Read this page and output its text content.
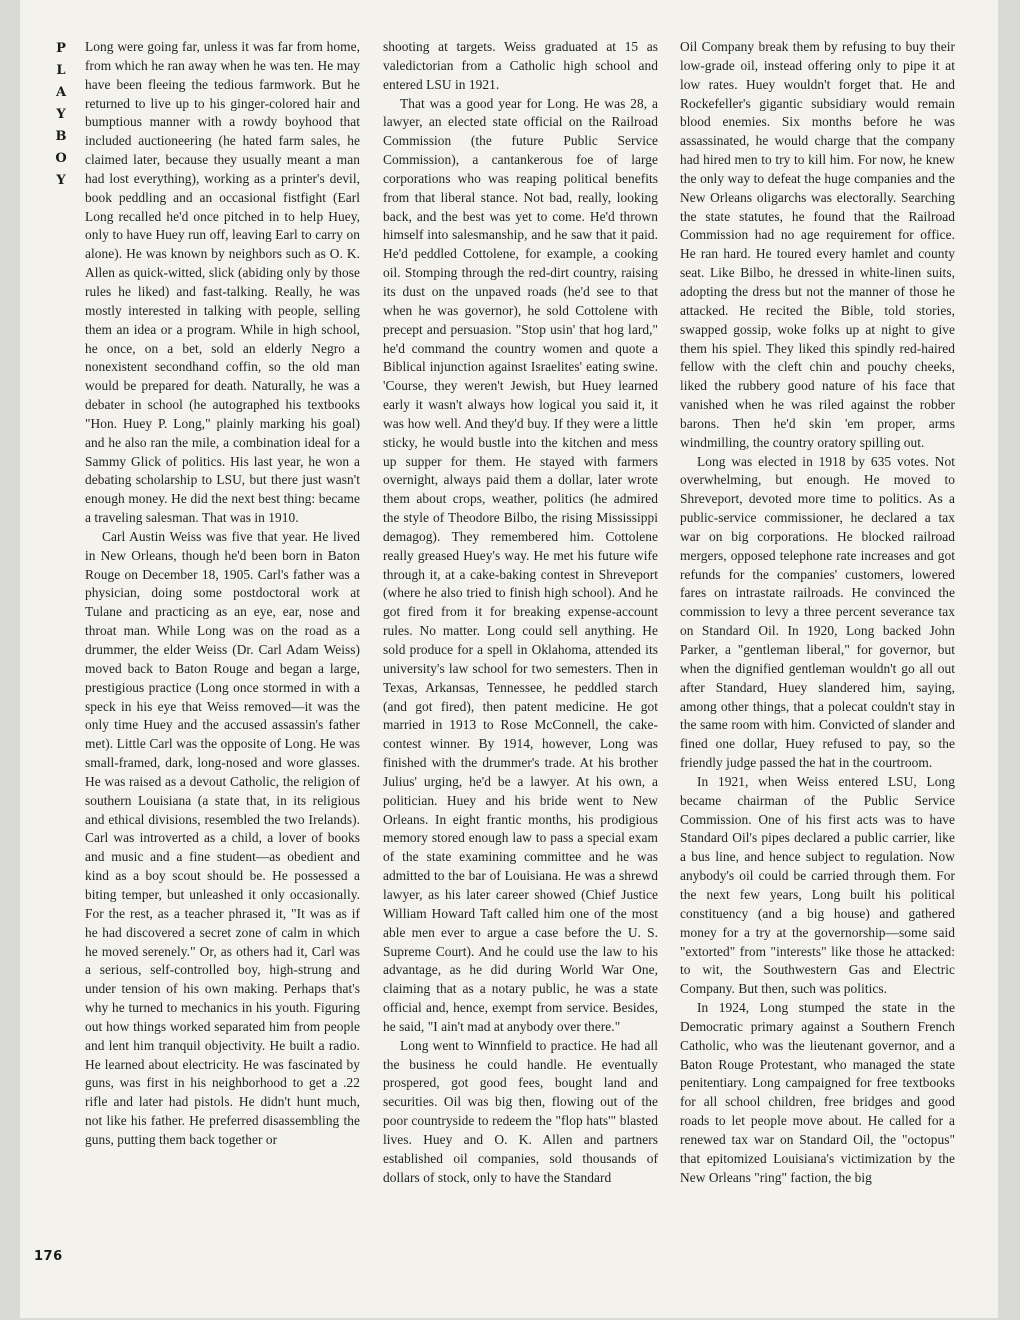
P
L
A
Y
B
O
Y
176

Long were going far, unless it was far from home, from which he ran away when he was ten. He may have been fleeing the tedious farmwork. But he returned to live up to his ginger-colored hair and bumptious manner with a rowdy boyhood that included auctioneering (he hated farm sales, he claimed later, because they usually meant a man had lost everything), working as a printer's devil, book peddling and an occasional fistfight (Earl Long recalled he'd once pitched in to help Huey, only to have Huey run off, leaving Earl to carry on alone). He was known by neighbors such as O. K. Allen as quick-witted, slick (abiding only by those rules he liked) and fast-talking. Really, he was mostly interested in talking with people, selling them an idea or a program. While in high school, he once, on a bet, sold an elderly Negro a nonexistent secondhand coffin, so the old man would be prepared for death. Naturally, he was a debater in school (he autographed his textbooks "Hon. Huey P. Long," plainly marking his goal) and he also ran the mile, a combination ideal for a Sammy Glick of politics. His last year, he won a debating scholarship to LSU, but there just wasn't enough money. He did the next best thing: became a traveling salesman. That was in 1910.

Carl Austin Weiss was five that year. He lived in New Orleans, though he'd been born in Baton Rouge on December 18, 1905. Carl's father was a physician, doing some postdoctoral work at Tulane and practicing as an eye, ear, nose and throat man. While Long was on the road as a drummer, the elder Weiss (Dr. Carl Adam Weiss) moved back to Baton Rouge and began a large, prestigious practice (Long once stormed in with a speck in his eye that Weiss removed—it was the only time Huey and the accused assassin's father met). Little Carl was the opposite of Long. He was small-framed, dark, long-nosed and wore glasses. He was raised as a devout Catholic, the religion of southern Louisiana (a state that, in its religious and ethical divisions, resembled the two Irelands). Carl was introverted as a child, a lover of books and music and a fine student—as obedient and kind as a boy scout should be. He possessed a biting temper, but unleashed it only occasionally. For the rest, as a teacher phrased it, "It was as if he had discovered a secret zone of calm in which he moved serenely." Or, as others had it, Carl was a serious, self-controlled boy, high-strung and under tension of his own making. Perhaps that's why he turned to mechanics in his youth. Figuring out how things worked separated him from people and lent him tranquil objectivity. He built a radio. He learned about electricity. He was fascinated by guns, was first in his neighborhood to get a .22 rifle and later had pistols. He didn't hunt much, not like his father. He preferred disassembling the guns, putting them back together or

shooting at targets. Weiss graduated at 15 as valedictorian from a Catholic high school and entered LSU in 1921.

That was a good year for Long. He was 28, a lawyer, an elected state official on the Railroad Commission (the future Public Service Commission), a cantankerous foe of large corporations who was reaping political benefits from that liberal stance. Not bad, really, looking back, and the best was yet to come. He'd thrown himself into salesmanship, and he saw that it paid. He'd peddled Cottolene, for example, a cooking oil. Stomping through the red-dirt country, raising its dust on the unpaved roads (he'd see to that when he was governor), he sold Cottolene with precept and persuasion. "Stop usin' that hog lard," he'd command the country women and quote a Biblical injunction against Israelites' eating swine. 'Course, they weren't Jewish, but Huey learned early it wasn't always how logical you said it, it was how well. And they'd buy. If they were a little sticky, he would bustle into the kitchen and mess up supper for them. He stayed with farmers overnight, always paid them a dollar, later wrote them about crops, weather, politics (he admired the style of Theodore Bilbo, the rising Mississippi demagog). They remembered him. Cottolene really greased Huey's way. He met his future wife through it, at a cake-baking contest in Shreveport (where he also tried to finish high school). And he got fired from it for breaking expense-account rules. No matter. Long could sell anything. He sold produce for a spell in Oklahoma, attended its university's law school for two semesters. Then in Texas, Arkansas, Tennessee, he peddled starch (and got fired), then patent medicine. He got married in 1913 to Rose McConnell, the cake-contest winner. By 1914, however, Long was finished with the drummer's trade. At his brother Julius' urging, he'd be a lawyer. At his own, a politician. Huey and his bride went to New Orleans. In eight frantic months, his prodigious memory stored enough law to pass a special exam of the state examining committee and he was admitted to the bar of Louisiana. He was a shrewd lawyer, as his later career showed (Chief Justice William Howard Taft called him one of the most able men ever to argue a case before the U. S. Supreme Court). And he could use the law to his advantage, as he did during World War One, claiming that as a notary public, he was a state official and, hence, exempt from service. Besides, he said, "I ain't mad at anybody over there."

Long went to Winnfield to practice. He had all the business he could handle. He eventually prospered, got good fees, bought land and securities. Oil was big then, flowing out of the poor countryside to redeem the "flop hats'" blasted lives. Huey and O. K. Allen and partners established oil companies, sold thousands of dollars of stock, only to have the Standard

Oil Company break them by refusing to buy their low-grade oil, instead offering only to pipe it at low rates. Huey wouldn't forget that. He and Rockefeller's gigantic subsidiary would remain blood enemies. Six months before he was assassinated, he would charge that the company had hired men to try to kill him. For now, he knew the only way to defeat the huge companies and the New Orleans oligarchs was electorally. Searching the state statutes, he found that the Railroad Commission had no age requirement for office. He ran hard. He toured every hamlet and county seat. Like Bilbo, he dressed in white-linen suits, adopting the dress but not the manner of those he attacked. He recited the Bible, told stories, swapped gossip, woke folks up at night to give them his spiel. They liked this spindly red-haired fellow with the cleft chin and pouchy cheeks, liked the rubbery good nature of his face that vanished when he was riled against the robber barons. Then he'd skin 'em proper, arms windmilling, the country oratory spilling out.

Long was elected in 1918 by 635 votes. Not overwhelming, but enough. He moved to Shreveport, devoted more time to politics. As a public-service commissioner, he declared a tax war on big corporations. He blocked railroad mergers, opposed telephone rate increases and got refunds for the companies' customers, lowered fares on intrastate railroads. He convinced the commission to levy a three percent severance tax on Standard Oil. In 1920, Long backed John Parker, a "gentleman liberal," for governor, but when the dignified gentleman wouldn't go all out after Standard, Huey slandered him, saying, among other things, that a polecat couldn't stay in the same room with him. Convicted of slander and fined one dollar, Huey refused to pay, so the friendly judge passed the hat in the courtroom.

In 1921, when Weiss entered LSU, Long became chairman of the Public Service Commission. One of his first acts was to have Standard Oil's pipes declared a public carrier, like a bus line, and hence subject to regulation. Now anybody's oil could be carried through them. For the next few years, Long built his political constituency (and a big house) and gathered money for a try at the governorship—some said "extorted" from "interests" like those he attacked: to wit, the Southwestern Gas and Electric Company. But then, such was politics.

In 1924, Long stumped the state in the Democratic primary against a Southern French Catholic, who was the lieutenant governor, and a Baton Rouge Protestant, who managed the state penitentiary. Long campaigned for free textbooks for all school children, free bridges and good roads to let people move about. He called for a renewed tax war on Standard Oil, the "octopus" that epitomized Louisiana's victimization by the New Orleans "ring" faction, the big
